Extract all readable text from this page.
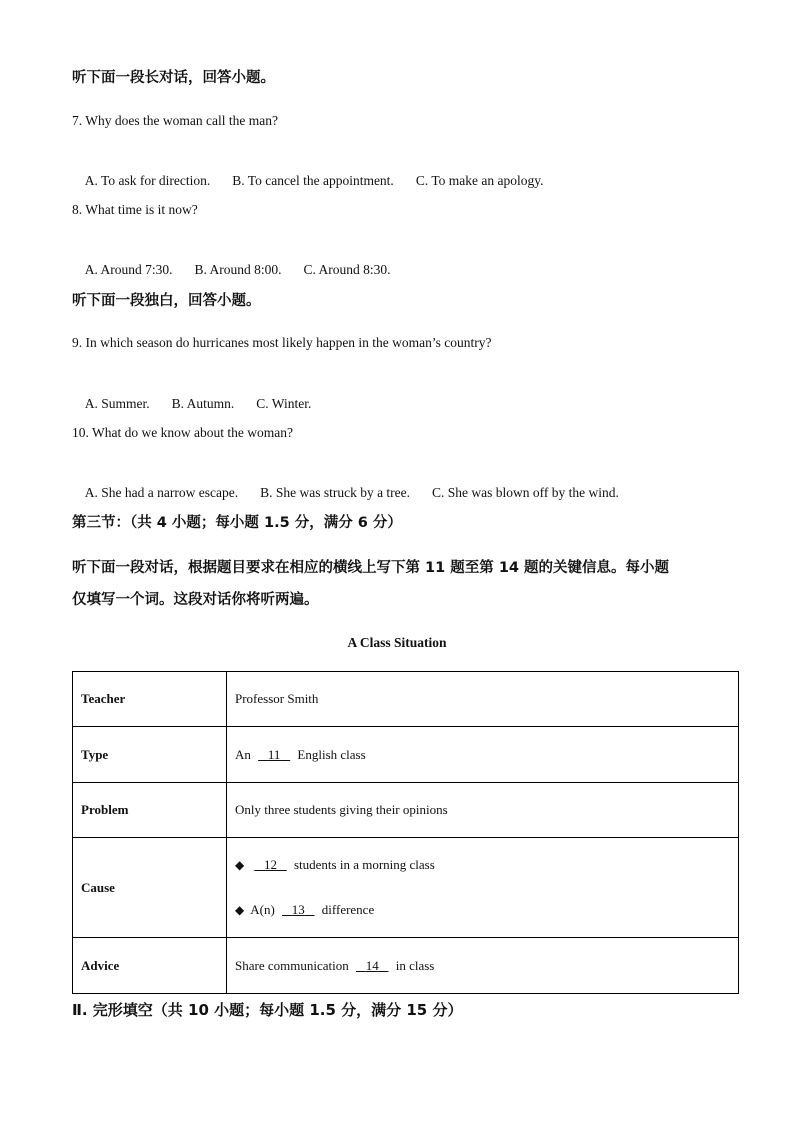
听下面一段长对话，回答小题。
7. Why does the woman call the man?

A. To ask for direction. B. To cancel the appointment. C. To make an apology.

8. What time is it now?

A. Around 7:30. B. Around 8:00. C. Around 8:30.

听下面一段独白，回答小题。
9. In which season do hurricanes most likely happen in the woman’s country?

A. Summer. B. Autumn. C. Winter.

10. What do we know about the woman?

A. She had a narrow escape. B. She was struck by a tree. C. She was blown off by the wind.

第三节：（共 4 小题；每小题 1.5 分，满分 6 分）
听下面一段对话，根据题目要求在相应的横线上写下第 11 题至第 14 题的关键信息。每小题
仅填写一个词。这段对话你将听两遍。
A Class Situation
Teacher	Professor Smith
Type	An 11 English class
Problem	Only three students giving their opinions
Cause	◆ 12 students in a morning class
◆ A(n) 13 difference

Advice	Share communication 14 in class
Ⅱ. 完形填空（共 10 小题；每小题 1.5 分，满分 15 分）
